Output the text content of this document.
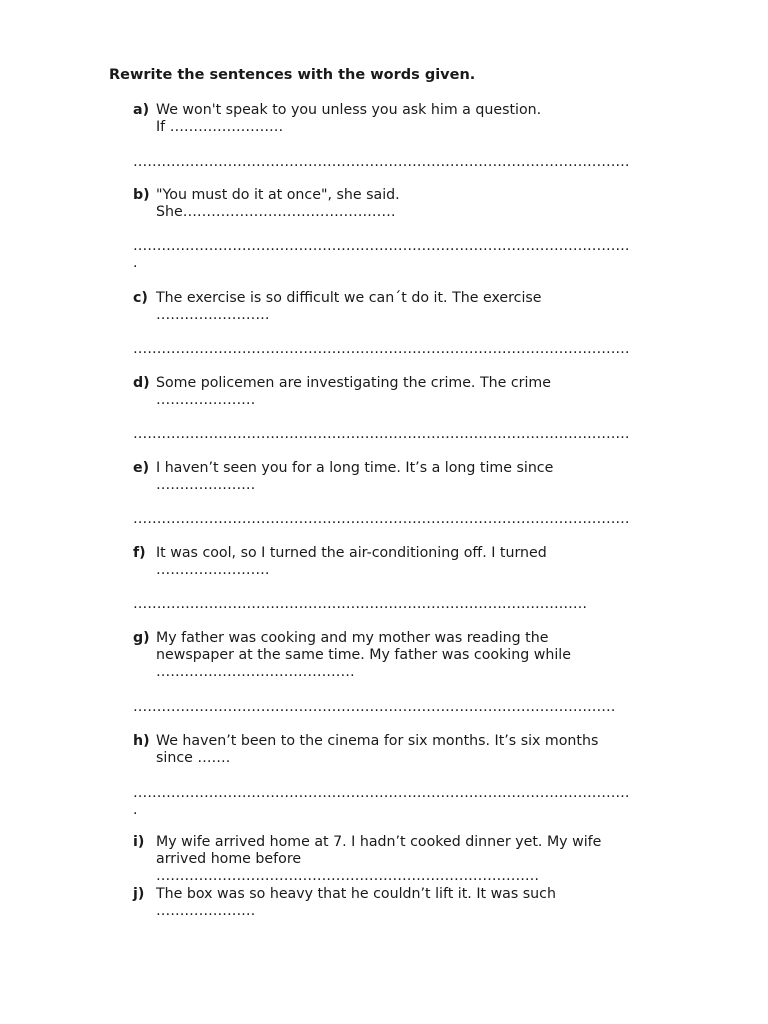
Rewrite the sentences with the words given.
a) We won't speak to you unless you ask him a question.
If ……………………
……………………………………………………………………………………………
b) "You must do it at once", she said.
She………………………………………
……………………………………………………………………………………………
.
c) The exercise is so difficult we can´t do it. The exercise
……………………
……………………………………………………………………………………………
d) Some policemen are investigating the crime. The crime
…………………
……………………………………………………………………………………………
e) I haven’t seen you for a long time. It’s a long time since
…………………
……………………………………………………………………………………………
f) It was cool, so I turned the air-conditioning off. I turned
……………………
……………………………………………………………………………………
g) My father was cooking and my mother was reading the
newspaper at the same time. My father was cooking while
……………………………………
…………………………………………………………………………………………
h) We haven’t been to the cinema for six months. It’s six months
since …….
……………………………………………………………………………………………
.
i) My wife arrived home at 7. I hadn’t cooked dinner yet. My wife
arrived home before
………………………………………………………………………
j) The box was so heavy that he couldn’t lift it. It was such
…………………
